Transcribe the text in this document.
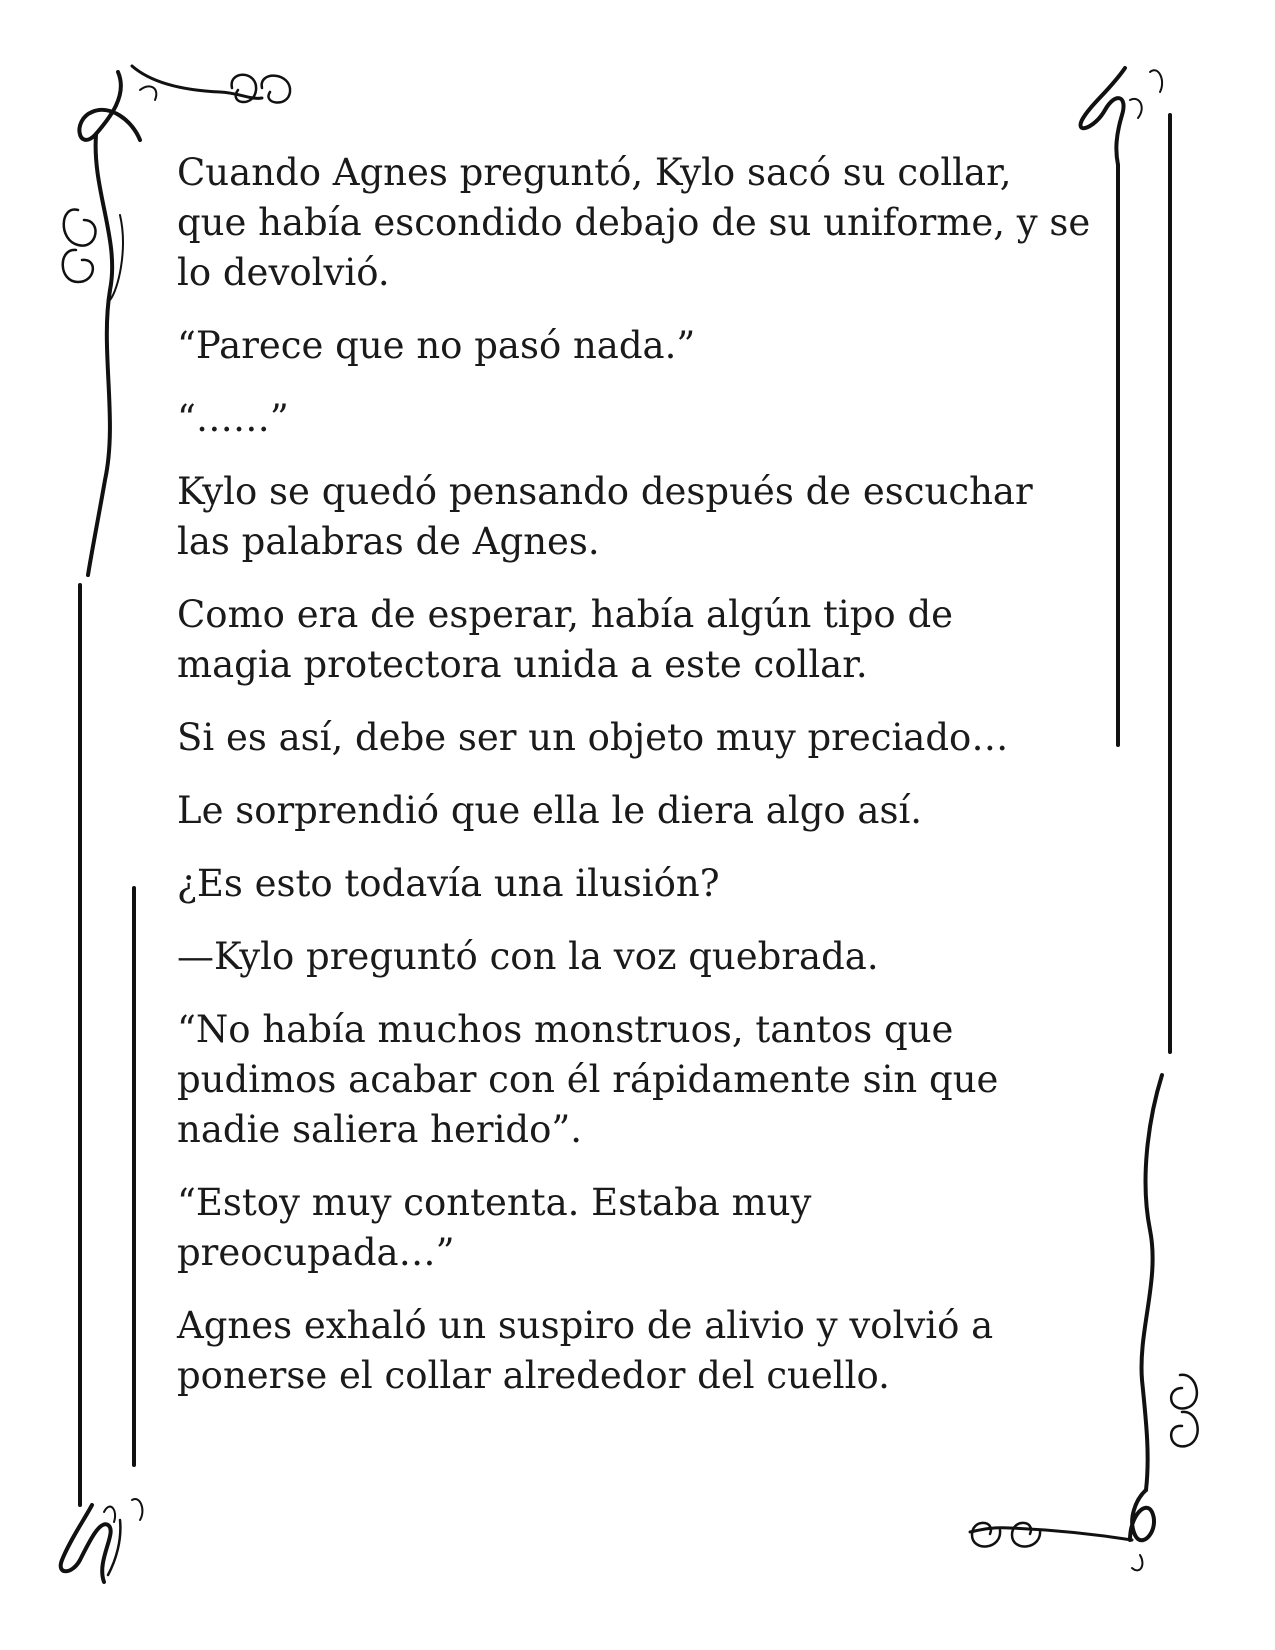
Cuando Agnes preguntó, Kylo sacó su collar,
que había escondido debajo de su uniforme, y se
lo devolvió.

“Parece que no pasó nada.”

“……”

Kylo se quedó pensando después de escuchar
las palabras de Agnes.

Como era de esperar, había algún tipo de
magia protectora unida a este collar.

Si es así, debe ser un objeto muy preciado…

Le sorprendió que ella le diera algo así.

¿Es esto todavía una ilusión?

—Kylo preguntó con la voz quebrada.

“No había muchos monstruos, tantos que
pudimos acabar con él rápidamente sin que
nadie saliera herido”.

“Estoy muy contenta. Estaba muy
preocupada…”

Agnes exhaló un suspiro de alivio y volvió a
ponerse el collar alrededor del cuello.
